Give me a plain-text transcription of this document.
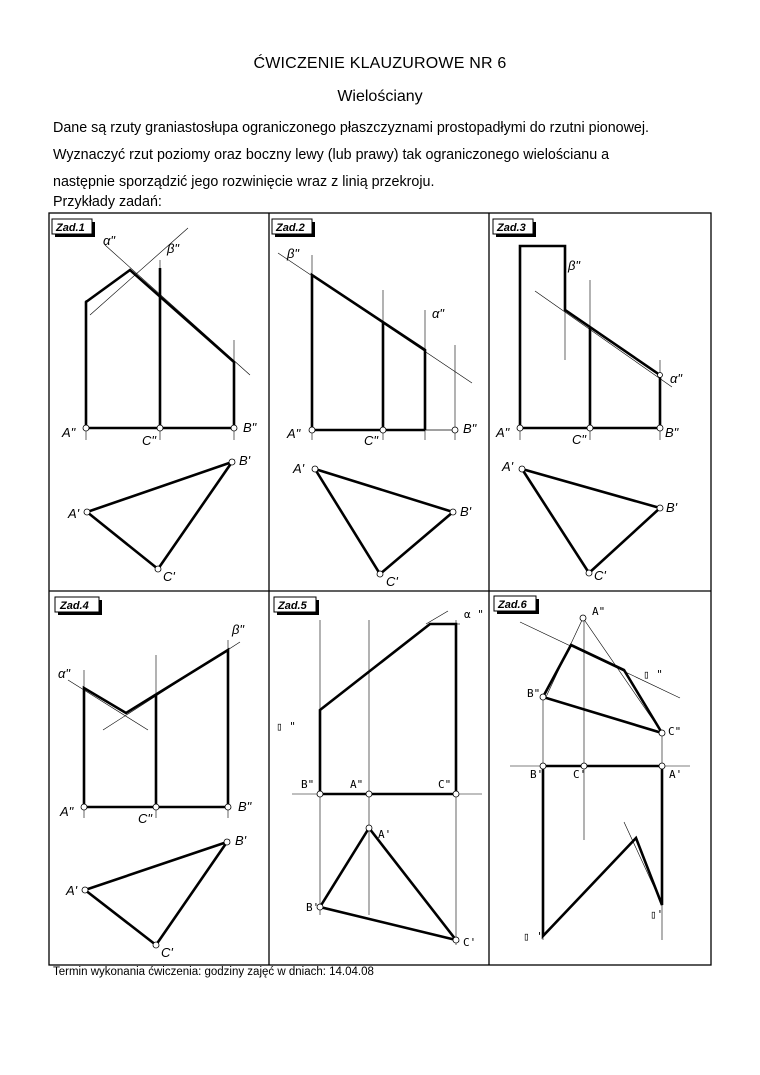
ĆWICZENIE KLAUZUROWE NR 6
Wielościany

Dane są rzuty graniastosłupa ograniczonego płaszczyznami prostopadłymi do rzutni pionowej.

Wyznaczyć rzut poziomy oraz boczny lewy (lub prawy) tak ograniczonego wielościanu a

następnie sporządzić jego rozwinięcie wraz z linią przekroju.

Przykłady zadań:
Zad.1
α"
β"
A"
C"
B"
A'
B'
C'
Zad.2
β"
α"
A"	C"
B"
A'
B'
C'
Zad.3
β"
α"
A"	C"	B"
A'
B'
C'
Zad.4
α"
β"
A"	C"
B"
A'
B'
C'
Zad.5
α "
▯ "
B"	A"	C"
A'
B'
C'
Zad.6	A"
B"
C"
▯ "
B'	C'	A'
▯'
▯ '
Termin wykonania ćwiczenia: godziny zajęć w dniach: 14.04.08
